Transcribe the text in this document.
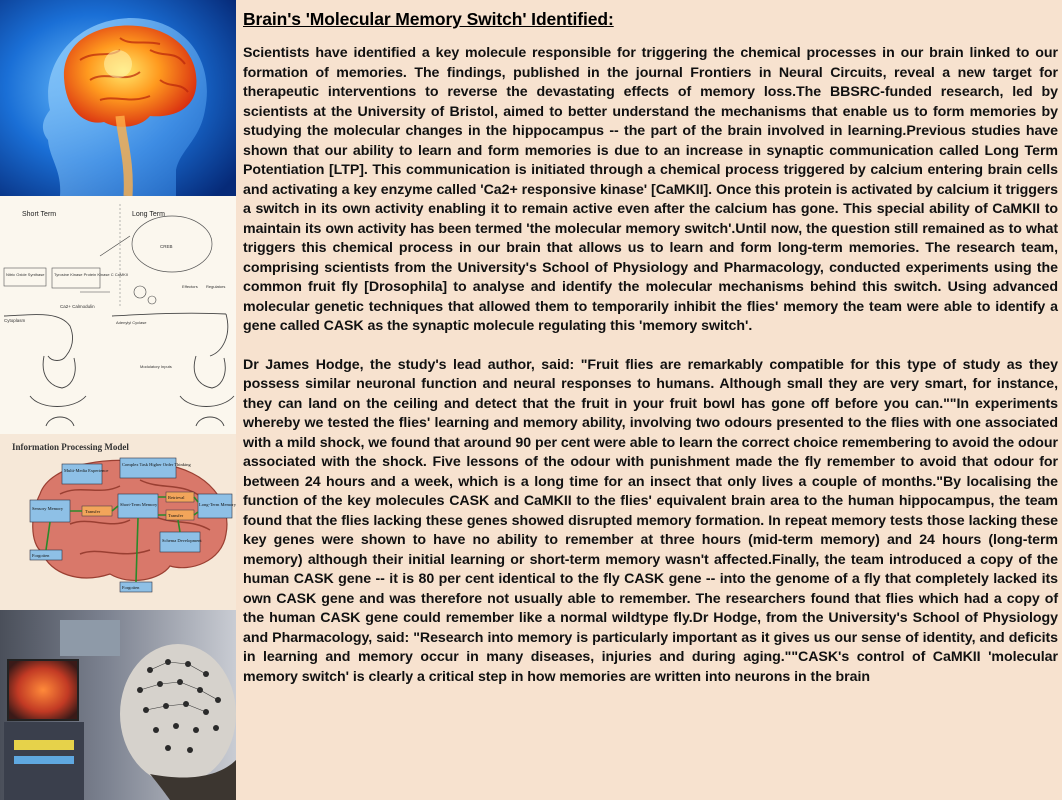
Short Term	Long Term
Nitric Oxide Synthase Tyrosine Kinase Protein Kinase C CaMKII
Ca2+ Calmodulin
Cytoplasm
CREB
Effectors Regulators
Adenylyl Cyclase
Modulatory Inputs
Information Processing Model
Multi-Media Experience
Complex Task Higher Order Thinking
Sensory Memory
Short-Term Memory	Long-Term Memory
Retrieval
Transfer
Transfer
Schema Development
Forgotten
Forgotten
Brain's 'Molecular Memory Switch' Identified:

Scientists have identified a key molecule responsible for triggering the chemical processes in our brain linked to our formation of memories. The findings, published in the journal Frontiers in Neural Circuits, reveal a new target for therapeutic interventions to reverse the devastating effects of memory loss.The BBSRC-funded research, led by scientists at the University of Bristol, aimed to better understand the mechanisms that enable us to form memories by studying the molecular changes in the hippocampus -- the part of the brain involved in learning.Previous studies have shown that our ability to learn and form memories is due to an increase in synaptic communication called Long Term Potentiation [LTP]. This communication is initiated through a chemical process triggered by calcium entering brain cells and activating a key enzyme called 'Ca2+ responsive kinase' [CaMKII]. Once this protein is activated by calcium it triggers a switch in its own activity enabling it to remain active even after the calcium has gone. This special ability of CaMKII to maintain its own activity has been termed 'the molecular memory switch'.Until now, the question still remained as to what triggers this chemical process in our brain that allows us to learn and form long-term memories. The research team, comprising scientists from the University's School of Physiology and Pharmacology, conducted experiments using the common fruit fly [Drosophila] to analyse and identify the molecular mechanisms behind this switch. Using advanced molecular genetic techniques that allowed them to temporarily inhibit the flies' memory the team were able to identify a gene called CASK as the synaptic molecule regulating this 'memory switch'.

Dr James Hodge, the study's lead author, said: "Fruit flies are remarkably compatible for this type of study as they possess similar neuronal function and neural responses to humans. Although small they are very smart, for instance, they can land on the ceiling and detect that the fruit in your fruit bowl has gone off before you can.""In experiments whereby we tested the flies' learning and memory ability, involving two odours presented to the flies with one associated with a mild shock, we found that around 90 per cent were able to learn the correct choice remembering to avoid the odour associated with the shock. Five lessons of the odour with punishment made the fly remember to avoid that odour for between 24 hours and a week, which is a long time for an insect that only lives a couple of months."By localising the function of the key molecules CASK and CaMKII to the flies' equivalent brain area to the human hippocampus, the team found that the flies lacking these genes showed disrupted memory formation. In repeat memory tests those lacking these key genes were shown to have no ability to remember at three hours (mid-term memory) and 24 hours (long-term memory) although their initial learning or short-term memory wasn't affected.Finally, the team introduced a copy of the human CASK gene -- it is 80 per cent identical to the fly CASK gene -- into the genome of a fly that completely lacked its own CASK gene and was therefore not usually able to remember. The researchers found that flies which had a copy of the human CASK gene could remember like a normal wildtype fly.Dr Hodge, from the University's School of Physiology and Pharmacology, said: "Research into memory is particularly important as it gives us our sense of identity, and deficits in learning and memory occur in many diseases, injuries and during aging.""CASK's control of CaMKII 'molecular memory switch' is clearly a critical step in how memories are written into neurons in the brain
